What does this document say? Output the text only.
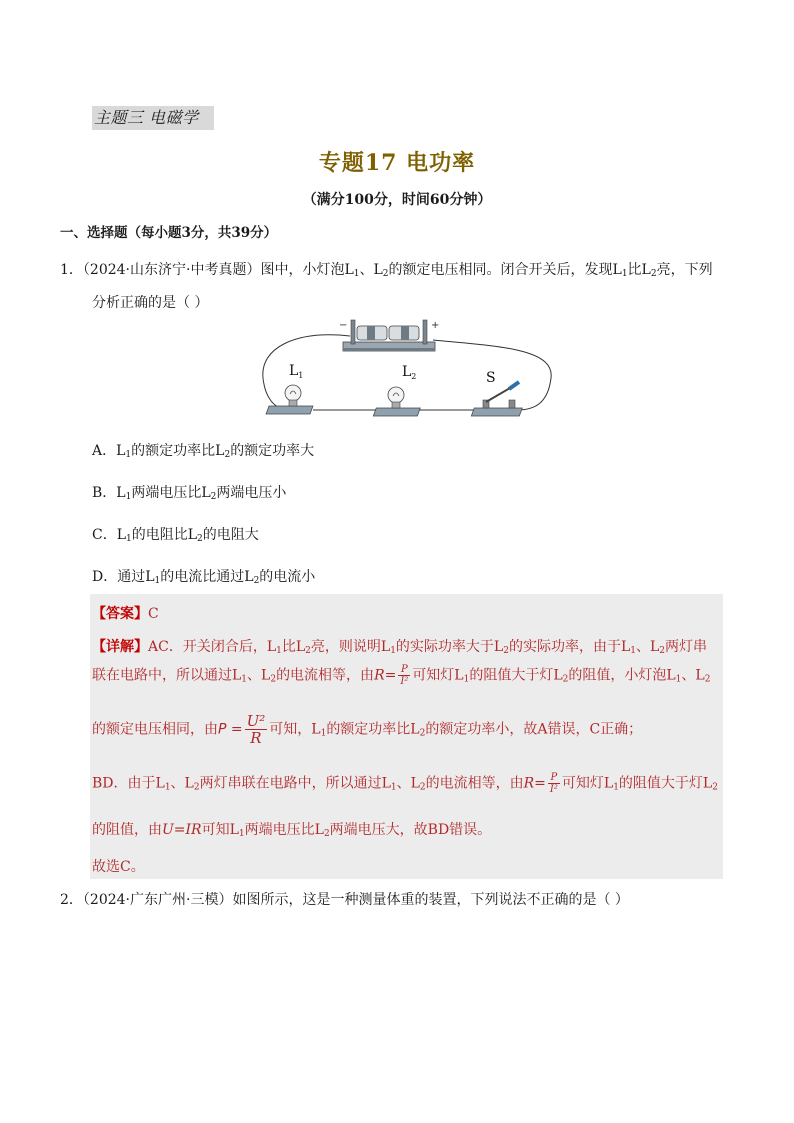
主题三 电磁学
专题17 电功率
（满分100分，时间60分钟）
一、选择题（每小题3分，共39分）
1．（2024·山东济宁·中考真题）图中，小灯泡$L_1$、$L_2$的额定电压相同。闭合开关后，发现$L_1$比$L_2$亮，下列
分析正确的是（ ）
−	+
$L_1$	$L_2$	S
A．$L_1$的额定功率比$L_2$的额定功率大
B．$L_1$两端电压比$L_2$两端电压小
C．$L_1$的电阻比$L_2$的电阻大
D．通过$L_1$的电流比通过$L_2$的电流小
【答案】C
【详解】AC．开关闭合后，$L_1$比$L_2$亮，则说明$L_1$的实际功率大于$L_2$的实际功率，由于$L_1$、$L_2$两灯串
联在电路中，所以通过$L_1$、$L_2$的电流相等，由$R= \frac{P}{\text{I²}}$ 可知灯$L_1$的阻值大于灯$L_2$的阻值，小灯泡$L_1$、$L_2$
的额定电压相同，由$P = \frac{\text{U²}}{R}$ 可知，$L_1$的额定功率比$L_2$的额定功率小，故A错误，C正确；
BD．由于$L_1$、$L_2$两灯串联在电路中，所以通过$L_1$、$L_2$的电流相等，由$R= \frac{P}{\text{I²}}$ 可知灯$L_1$的阻值大于灯$L_2$
的阻值，由U=IR可知$L_1$两端电压比$L_2$两端电压大，故BD错误。
故选C。
2．（2024·广东广州·三模）如图所示，这是一种测量体重的装置，下列说法不正确的是（ ）
